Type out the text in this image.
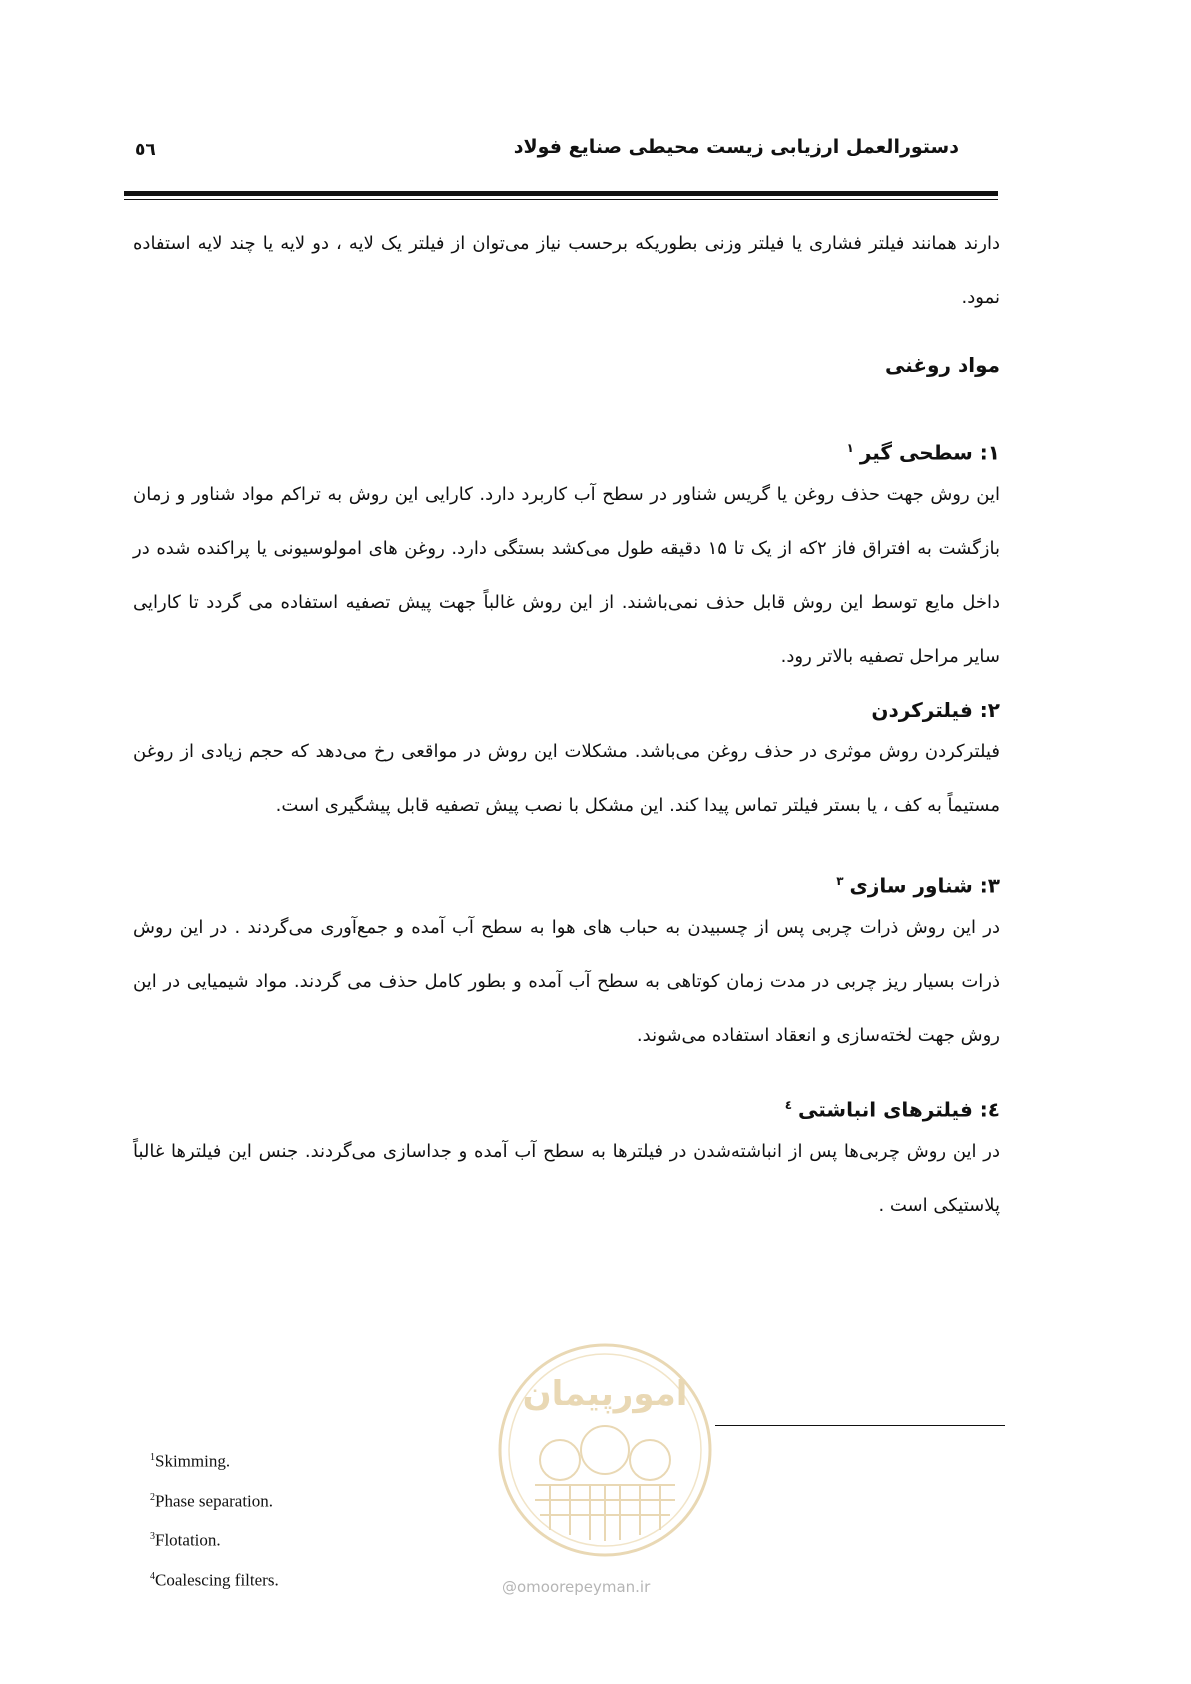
دستورالعمل ارزیابی زیست محیطی صنایع فولاد
٥٦

دارند همانند فیلتر فشاری یا فیلتر وزنی بطوریکه برحسب نیاز می‌توان از فیلتر یک لایه ، دو لایه یا چند لایه استفاده نمود.

مواد روغنی

۱: سطحی گیر$^۱$

این روش جهت حذف روغن یا گریس شناور در سطح آب کاربرد دارد. کارایی این روش به تراکم مواد شناور و زمان بازگشت به افتراق فاز ۲که از یک تا ۱۵ دقیقه طول می‌کشد بستگی دارد. روغن های امولوسیونی یا پراکنده شده در داخل مایع توسط این روش قابل حذف نمی‌باشند. از این روش غالباً جهت پیش تصفیه استفاده می گردد تا کارایی سایر مراحل تصفیه بالاتر رود.

۲: فیلترکردن

فیلترکردن روش موثری در حذف روغن می‌باشد. مشکلات این روش در مواقعی رخ می‌دهد که حجم زیادی از روغن مستیماً به کف ، یا بستر فیلتر تماس پیدا کند. این مشکل با نصب پیش تصفیه قابل پیشگیری است.

۳: شناور سازی$^۳$

در این روش ذرات چربی پس از چسبیدن به حباب های هوا به سطح آب آمده و جمع‌آوری می‌گردند . در این روش ذرات بسیار ریز چربی در مدت زمان کوتاهی به سطح آب آمده و بطور کامل حذف می گردند. مواد شیمیایی در این روش جهت لخته‌سازی و انعقاد استفاده می‌شوند.

٤: فیلترهای انباشتی$^٤$

در این روش چربی‌ها پس از انباشته‌شدن در فیلترها به سطح آب آمده و جداسازی می‌گردند. جنس این فیلترها غالباً پلاستیکی است .

امورپیمان
@omoorepeyman.ir
$^1$Skimming.
$^2$Phase separation.
$^3$Flotation.
$^4$Coalescing filters.
